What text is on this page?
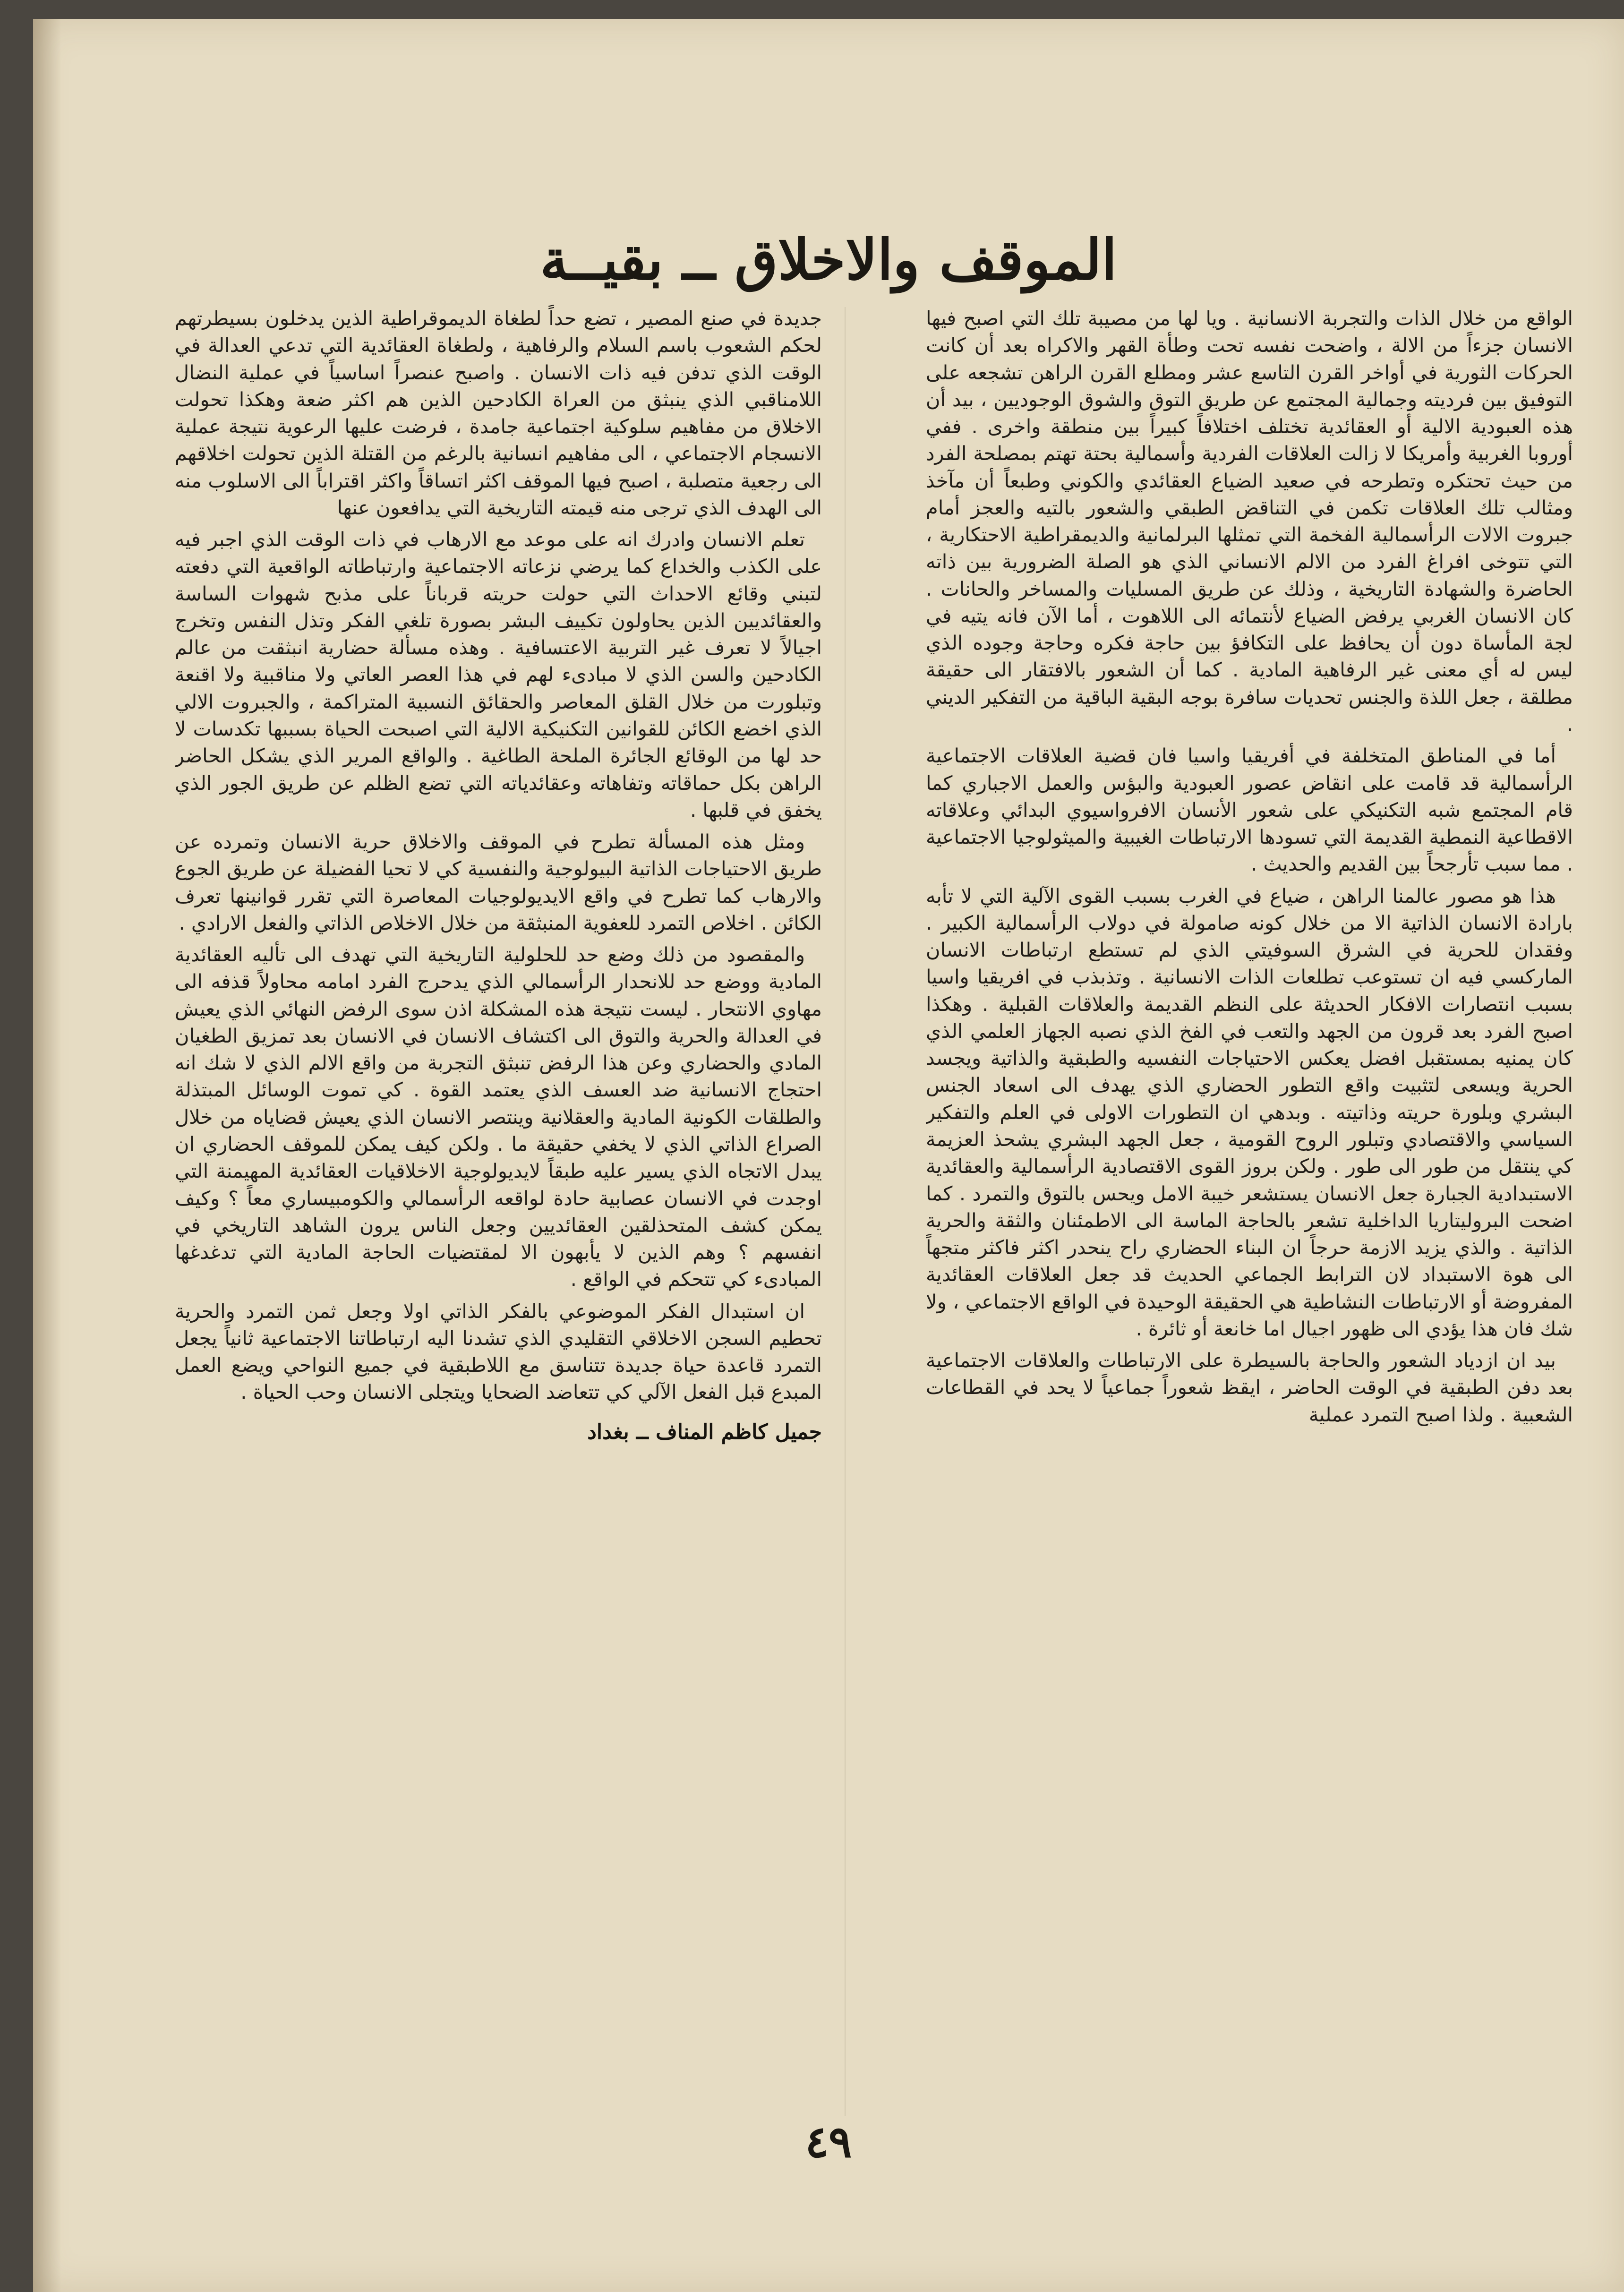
الموقف والاخلاق ــ بقيــة

الواقع من خلال الذات والتجربة الانسانية . ويا لها من مصيبة تلك التي اصبح فيها الانسان جزءاً من الالة ، واضحت نفسه تحت وطأة القهر والاكراه بعد أن كانت الحركات الثورية في أواخر القرن التاسع عشر ومطلع القرن الراهن تشجعه على التوفيق بين فرديته وجمالية المجتمع عن طريق التوق والشوق الوجوديين ، بيد أن هذه العبودية الالية أو العقائدية تختلف اختلافاً كبيراً بين منطقة واخرى . ففي أوروبا الغربية وأمريكا لا زالت العلاقات الفردية وأسمالية بحتة تهتم بمصلحة الفرد من حيث تحتكره وتطرحه في صعيد الضياع العقائدي والكوني وطبعاً أن مآخذ ومثالب تلك العلاقات تكمن في التناقض الطبقي والشعور بالتيه والعجز أمام جبروت الالات الرأسمالية الفخمة التي تمثلها البرلمانية والديمقراطية الاحتكارية ، التي تتوخى افراغ الفرد من الالم الانساني الذي هو الصلة الضرورية بين ذاته الحاضرة والشهادة التاريخية ، وذلك عن طريق المسليات والمساخر والحانات . كان الانسان الغربي يرفض الضياع لأنتمائه الى اللاهوت ، أما الآن فانه يتيه في لجة المأساة دون أن يحافظ على التكافؤ بين حاجة فكره وحاجة وجوده الذي ليس له أي معنى غير الرفاهية المادية . كما أن الشعور بالافتقار الى حقيقة مطلقة ، جعل اللذة والجنس تحديات سافرة بوجه البقية الباقية من التفكير الديني .

أما في المناطق المتخلفة في أفريقيا واسيا فان قضية العلاقات الاجتماعية الرأسمالية قد قامت على انقاض عصور العبودية والبؤس والعمل الاجباري كما قام المجتمع شبه التكنيكي على شعور الأنسان الافرواسيوي البدائي وعلاقاته الاقطاعية النمطية القديمة التي تسودها الارتباطات الغيبية والميثولوجيا الاجتماعية . مما سبب تأرجحاً بين القديم والحديث .

هذا هو مصور عالمنا الراهن ، ضياع في الغرب بسبب القوى الآلية التي لا تأبه بارادة الانسان الذاتية الا من خلال كونه صامولة في دولاب الرأسمالية الكبير . وفقدان للحرية في الشرق السوفيتي الذي لم تستطع ارتباطات الانسان الماركسي فيه ان تستوعب تطلعات الذات الانسانية . وتذبذب في افريقيا واسيا بسبب انتصارات الافكار الحديثة على النظم القديمة والعلاقات القبلية . وهكذا اصبح الفرد بعد قرون من الجهد والتعب في الفخ الذي نصبه الجهاز العلمي الذي كان يمنيه بمستقبل افضل يعكس الاحتياجات النفسيه والطبقية والذاتية ويجسد الحرية ويسعى لتثبيت واقع التطور الحضاري الذي يهدف الى اسعاد الجنس البشري وبلورة حريته وذاتيته . وبدهي ان التطورات الاولى في العلم والتفكير السياسي والاقتصادي وتبلور الروح القومية ، جعل الجهد البشري يشحذ العزيمة كي ينتقل من طور الى طور . ولكن بروز القوى الاقتصادية الرأسمالية والعقائدية الاستبدادية الجبارة جعل الانسان يستشعر خيبة الامل ويحس بالتوق والتمرد . كما اضحت البروليتاريا الداخلية تشعر بالحاجة الماسة الى الاطمئنان والثقة والحرية الذاتية . والذي يزيد الازمة حرجاً ان البناء الحضاري راح ينحدر اكثر فاكثر متجهاً الى هوة الاستبداد لان الترابط الجماعي الحديث قد جعل العلاقات العقائدية المفروضة أو الارتباطات النشاطية هي الحقيقة الوحيدة في الواقع الاجتماعي ، ولا شك فان هذا يؤدي الى ظهور اجيال اما خانعة أو ثائرة .

بيد ان ازدياد الشعور والحاجة بالسيطرة على الارتباطات والعلاقات الاجتماعية بعد دفن الطبقية في الوقت الحاضر ، ايقظ شعوراً جماعياً لا يحد في القطاعات الشعبية . ولذا اصبح التمرد عملية

جديدة في صنع المصير ، تضع حداً لطغاة الديموقراطية الذين يدخلون بسيطرتهم لحكم الشعوب باسم السلام والرفاهية ، ولطغاة العقائدية التي تدعي العدالة في الوقت الذي تدفن فيه ذات الانسان . واصبح عنصراً اساسياً في عملية النضال اللامناقبي الذي ينبثق من العراة الكادحين الذين هم اكثر ضعة وهكذا تحولت الاخلاق من مفاهيم سلوكية اجتماعية جامدة ، فرضت عليها الرعوية نتيجة عملية الانسجام الاجتماعي ، الى مفاهيم انسانية بالرغم من القتلة الذين تحولت اخلاقهم الى رجعية متصلبة ، اصبح فيها الموقف اكثر اتساقاً واكثر اقتراباً الى الاسلوب منه الى الهدف الذي ترجى منه قيمته التاريخية التي يدافعون عنها

تعلم الانسان وادرك انه على موعد مع الارهاب في ذات الوقت الذي اجبر فيه على الكذب والخداع كما يرضي نزعاته الاجتماعية وارتباطاته الواقعية التي دفعته لتبني وقائع الاحداث التي حولت حريته قرباناً على مذبح شهوات الساسة والعقائديين الذين يحاولون تكييف البشر بصورة تلغي الفكر وتذل النفس وتخرج اجيالاً لا تعرف غير التربية الاعتسافية . وهذه مسألة حضارية انبثقت من عالم الكادحين والسن الذي لا مبادىء لهم في هذا العصر العاتي ولا مناقبية ولا اقنعة وتبلورت من خلال القلق المعاصر والحقائق النسبية المتراكمة ، والجبروت الالي الذي اخضع الكائن للقوانين التكنيكية الالية التي اصبحت الحياة بسببها تكدسات لا حد لها من الوقائع الجائرة الملحة الطاغية . والواقع المرير الذي يشكل الحاضر الراهن بكل حماقاته وتفاهاته وعقائدياته التي تضع الظلم عن طريق الجور الذي يخفق في قلبها .

ومثل هذه المسألة تطرح في الموقف والاخلاق حرية الانسان وتمرده عن طريق الاحتياجات الذاتية البيولوجية والنفسية كي لا تحيا الفضيلة عن طريق الجوع والارهاب كما تطرح في واقع الايديولوجيات المعاصرة التي تقرر قوانينها تعرف الكائن . اخلاص التمرد للعفوية المنبثقة من خلال الاخلاص الذاتي والفعل الارادي .

والمقصود من ذلك وضع حد للحلولية التاريخية التي تهدف الى تأليه العقائدية المادية ووضع حد للانحدار الرأسمالي الذي يدحرج الفرد امامه محاولاً قذفه الى مهاوي الانتحار . ليست نتيجة هذه المشكلة اذن سوى الرفض النهائي الذي يعيش في العدالة والحرية والتوق الى اكتشاف الانسان في الانسان بعد تمزيق الطغيان المادي والحضاري وعن هذا الرفض تنبثق التجربة من واقع الالم الذي لا شك انه احتجاج الانسانية ضد العسف الذي يعتمد القوة . كي تموت الوسائل المبتذلة والطلقات الكونية المادية والعقلانية وينتصر الانسان الذي يعيش قضاياه من خلال الصراع الذاتي الذي لا يخفي حقيقة ما . ولكن كيف يمكن للموقف الحضاري ان يبدل الاتجاه الذي يسير عليه طبقاً لايديولوجية الاخلاقيات العقائدية المهيمنة التي اوجدت في الانسان عصابية حادة لواقعه الرأسمالي والكومبيساري معاً ؟ وكيف يمكن كشف المتحذلقين العقائديين وجعل الناس يرون الشاهد التاريخي في انفسهم ؟ وهم الذين لا يأبهون الا لمقتضيات الحاجة المادية التي تدغدغها المبادىء كي تتحكم في الواقع .

ان استبدال الفكر الموضوعي بالفكر الذاتي اولا وجعل ثمن التمرد والحرية تحطيم السجن الاخلاقي التقليدي الذي تشدنا اليه ارتباطاتنا الاجتماعية ثانياً يجعل التمرد قاعدة حياة جديدة تتناسق مع اللاطبقية في جميع النواحي ويضع العمل المبدع قبل الفعل الآلي كي تتعاضد الضحايا ويتجلى الانسان وحب الحياة .

جميل كاظم المناف ــ بغداد

٤٩
